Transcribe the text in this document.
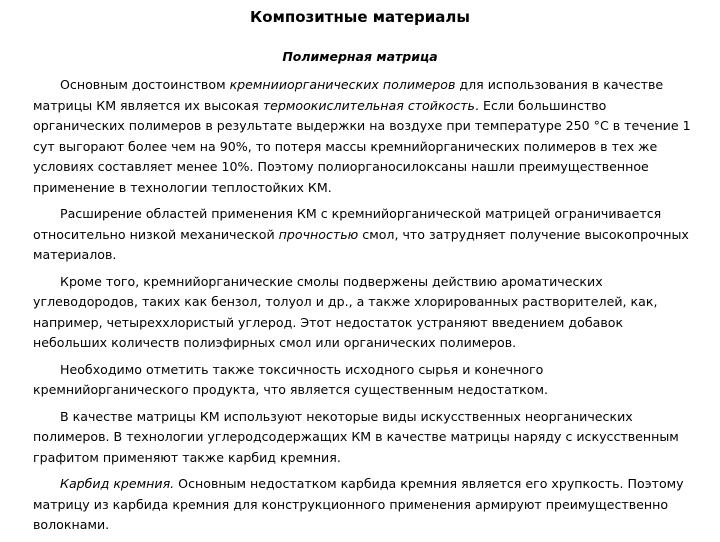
Композитные материалы
Полимерная матрица

Основным достоинством кремнииорганических полимеров для использования в качестве матрицы КМ является их высокая термоокислительная стойкость. Если большинство органических полимеров в результате выдержки на воздухе при температуре 250 °С в течение 1 сут выгорают более чем на 90%, то потеря массы кремнийорганических полимеров в тех же условиях составляет менее 10%. Поэтому полиорганосилоксаны нашли преимущественное применение в технологии теплостойких КМ.

Расширение областей применения КМ с кремнийорганической матрицей ограничивается относительно низкой механической прочностью смол, что затрудняет получение высокопрочных материалов.

Кроме того, кремнийорганические смолы подвержены действию ароматических углеводородов, таких как бензол, толуол и др., а также хлорированных растворителей, как, например, четыреххлористый углерод. Этот недостаток устраняют введением добавок небольших количеств полиэфирных смол или органических полимеров.

Необходимо отметить также токсичность исходного сырья и конечного кремнийорганического продукта, что является существенным недостатком.

В качестве матрицы КМ используют некоторые виды искусственных неорганических полимеров. В технологии углеродсодержащих КМ в качестве матрицы наряду с искусственным графитом применяют также карбид кремния.

Карбид кремния. Основным недостатком карбида кремния является его хрупкость. Поэтому матрицу из карбида кремния для конструкционного применения армируют преимущественно волокнами.
